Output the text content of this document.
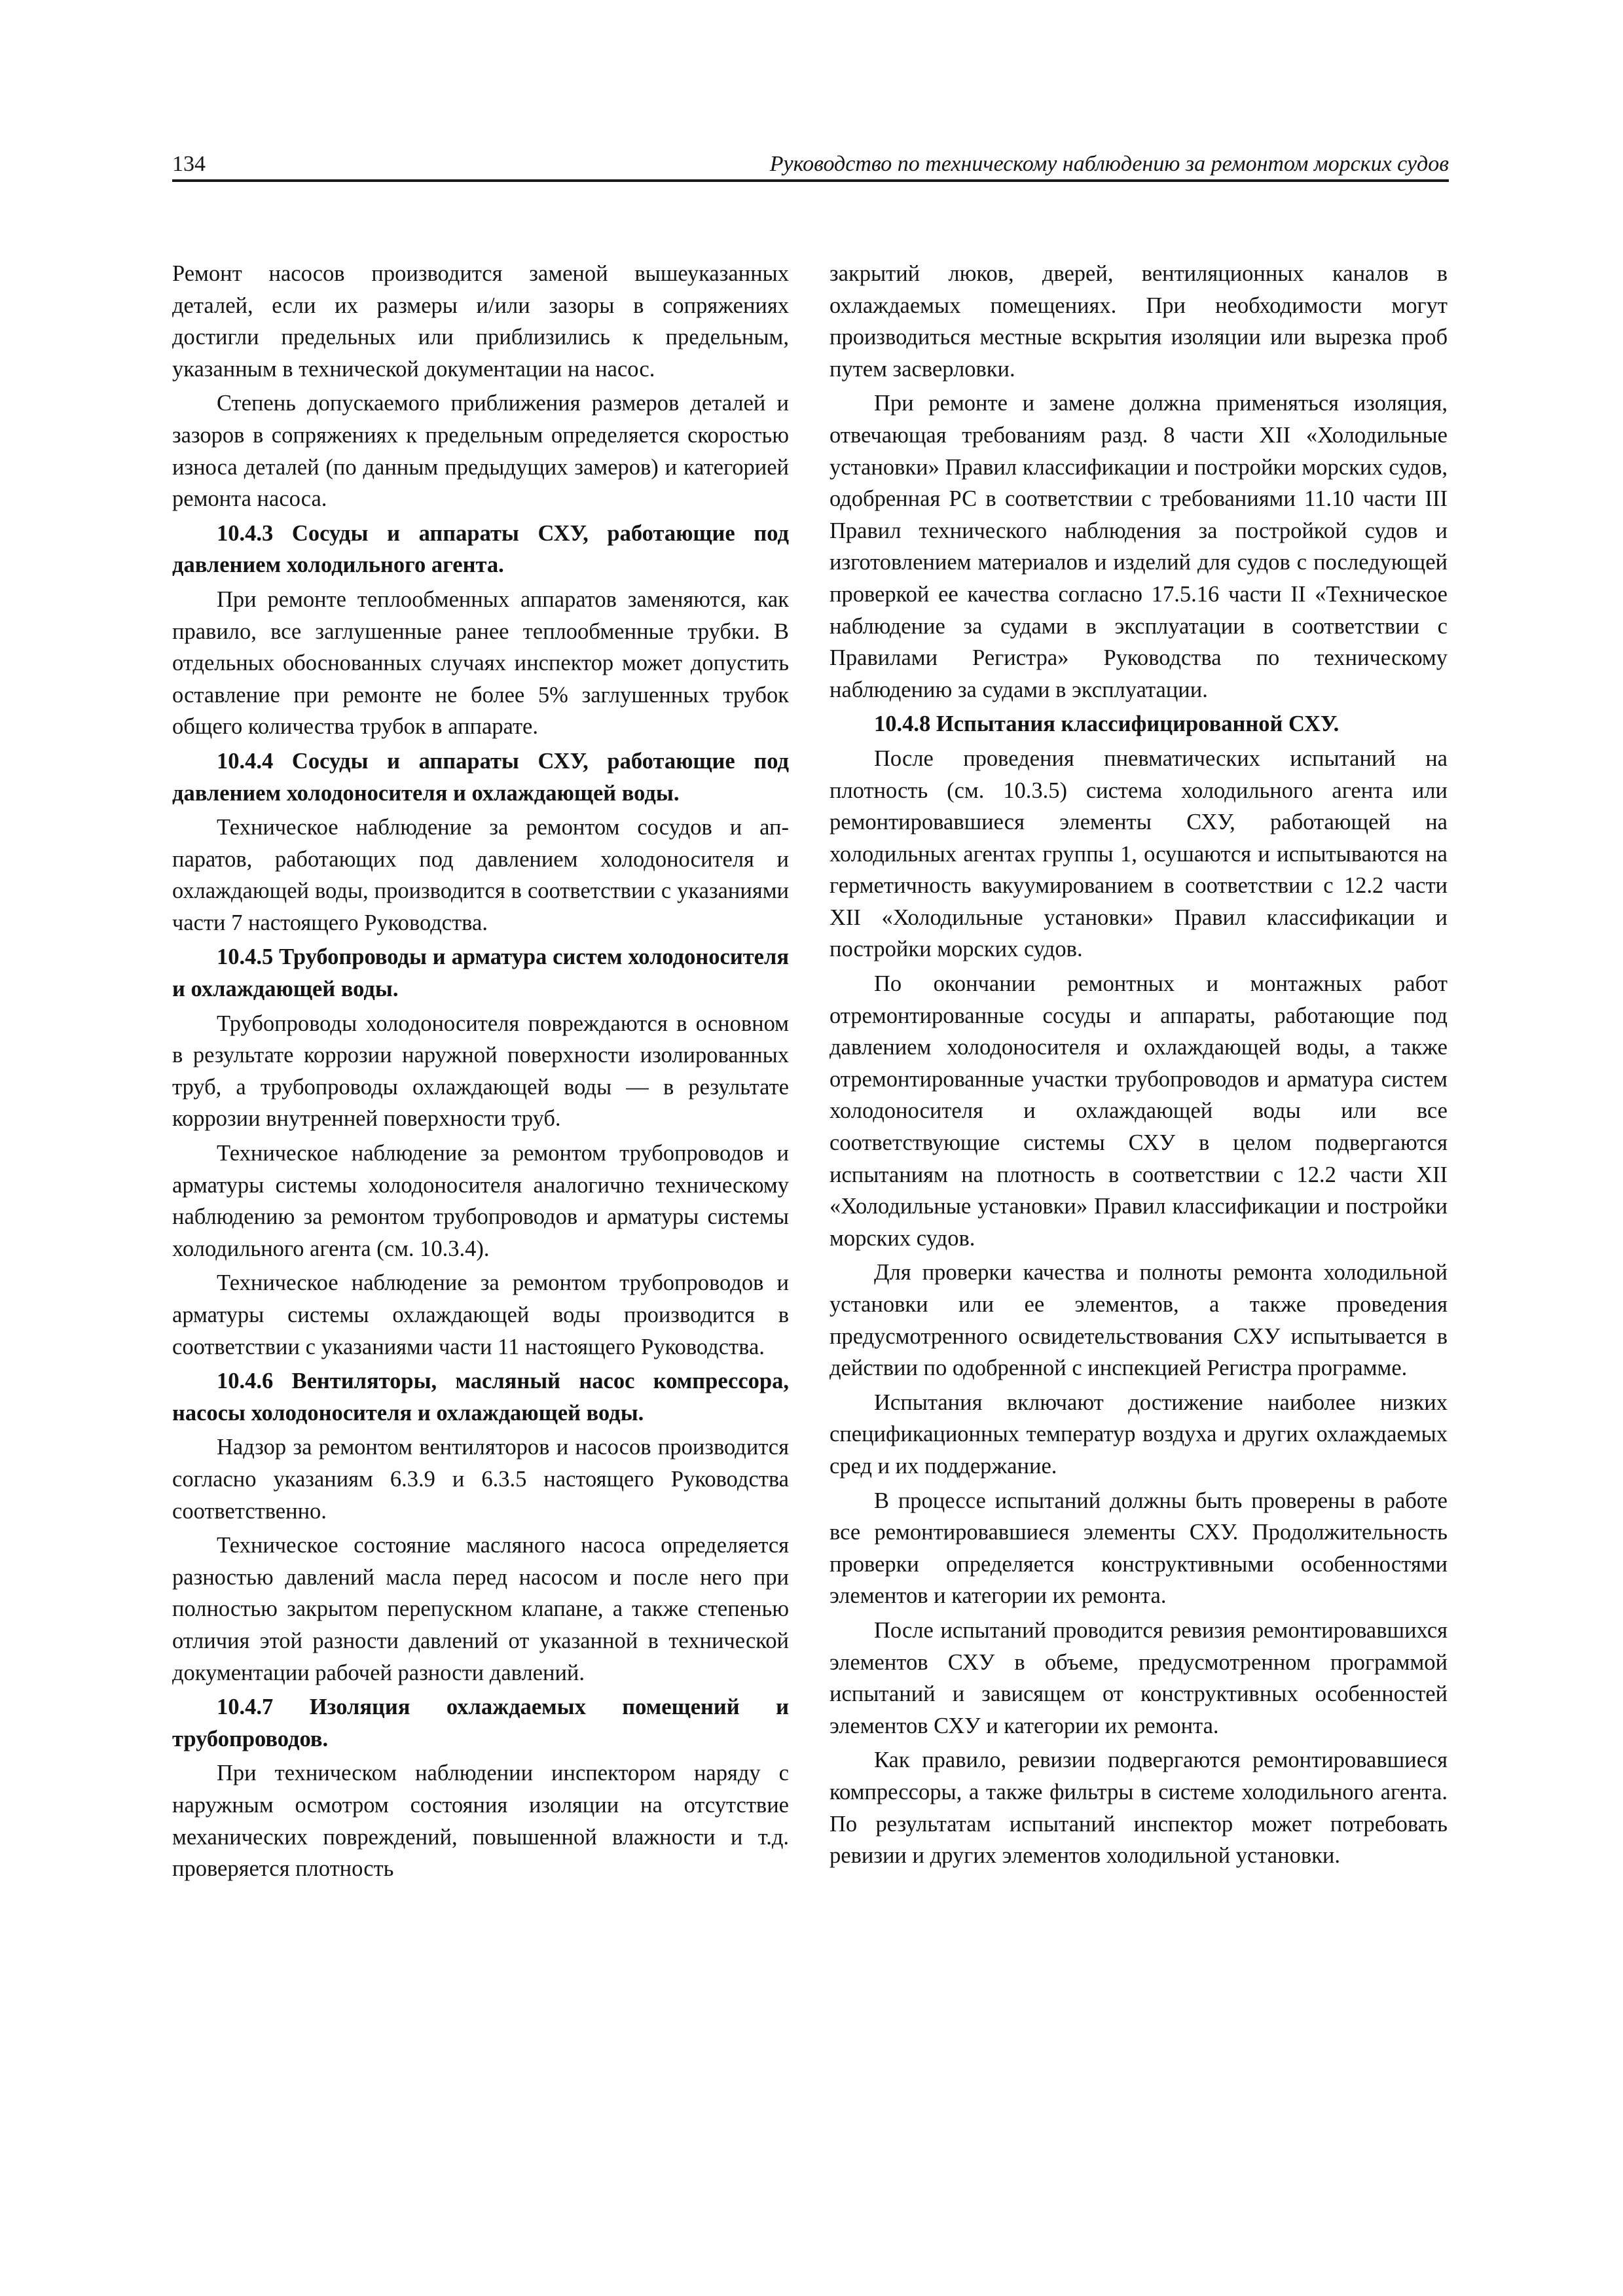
134	Руководство по техническому наблюдению за ремонтом морских судов

Ремонт насосов производится заменой вышеуказанных деталей, если их размеры и/или зазоры в сопряжениях достигли предельных или приблизились к предельным, указанным в технической документации на насос.

Степень допускаемого приближения размеров деталей и зазоров в сопряжениях к предельным определяется скоростью износа деталей (по данным предыдущих замеров) и категорией ремонта насоса.

10.4.3 Сосуды и аппараты СХУ, работающие под давлением холодильного агента.

При ремонте теплообменных аппаратов заменяются, как правило, все заглушенные ранее теплообменные трубки. В отдельных обоснованных случаях инспектор может допустить оставление при ремонте не более 5% заглушенных трубок общего количества трубок в аппарате.

10.4.4 Сосуды и аппараты СХУ, работающие под давлением холодоносителя и охлаждающей воды.

Техническое наблюдение за ремонтом сосудов и аппаратов, работающих под давлением холодоносителя и охлаждающей воды, производится в соответствии с указаниями части 7 настоящего Руководства.

10.4.5 Трубопроводы и арматура систем холодоносителя и охлаждающей воды.

Трубопроводы холодоносителя повреждаются в основном в результате коррозии наружной поверхности изолированных труб, а трубопроводы охлаждающей воды — в результате коррозии внутренней поверхности труб.

Техническое наблюдение за ремонтом трубопроводов и арматуры системы холодоносителя аналогично техническому наблюдению за ремонтом трубопроводов и арматуры системы холодильного агента (см. 10.3.4).

Техническое наблюдение за ремонтом трубопроводов и арматуры системы охлаждающей воды производится в соответствии с указаниями части 11 настоящего Руководства.

10.4.6 Вентиляторы, масляный насос компрессора, насосы холодоносителя и охлаждающей воды.

Надзор за ремонтом вентиляторов и насосов производится согласно указаниям 6.3.9 и 6.3.5 настоящего Руководства соответственно.

Техническое состояние масляного насоса определяется разностью давлений масла перед насосом и после него при полностью закрытом перепускном клапане, а также степенью отличия этой разности давлений от указанной в технической документации рабочей разности давлений.

10.4.7 Изоляция охлаждаемых помещений и трубопроводов.

При техническом наблюдении инспектором наряду с наружным осмотром состояния изоляции на отсутствие механических повреждений, повышенной влажности и т.д. проверяется плотность

закрытий люков, дверей, вентиляционных каналов в охлаждаемых помещениях. При необходимости могут производиться местные вскрытия изоляции или вырезка проб путем засверловки.

При ремонте и замене должна применяться изоляция, отвечающая требованиям разд. 8 части XII «Холодильные установки» Правил классификации и постройки морских судов, одобренная РС в соответствии с требованиями 11.10 части III Правил технического наблюдения за постройкой судов и изготовлением материалов и изделий для судов с последующей проверкой ее качества согласно 17.5.16 части II «Техническое наблюдение за судами в эксплуатации в соответствии с Правилами Регистра» Руководства по техническому наблюдению за судами в эксплуатации.

10.4.8 Испытания классифицированной СХУ.

После проведения пневматических испытаний на плотность (см. 10.3.5) система холодильного агента или ремонтировавшиеся элементы СХУ, работающей на холодильных агентах группы 1, осушаются и испытываются на герметичность вакуумированием в соответствии с 12.2 части XII «Холодильные установки» Правил классификации и постройки морских судов.

По окончании ремонтных и монтажных работ отремонтированные сосуды и аппараты, работающие под давлением холодоносителя и охлаждающей воды, а также отремонтированные участки трубопроводов и арматура систем холодоносителя и охлаждающей воды или все соответствующие системы СХУ в целом подвергаются испытаниям на плотность в соответствии с 12.2 части XII «Холодильные установки» Правил классификации и постройки морских судов.

Для проверки качества и полноты ремонта холодильной установки или ее элементов, а также проведения предусмотренного освидетельствования СХУ испытывается в действии по одобренной с инспекцией Регистра программе.

Испытания включают достижение наиболее низких спецификационных температур воздуха и других охлаждаемых сред и их поддержание.

В процессе испытаний должны быть проверены в работе все ремонтировавшиеся элементы СХУ. Продолжительность проверки определяется конструктивными особенностями элементов и категории их ремонта.

После испытаний проводится ревизия ремонтировавшихся элементов СХУ в объеме, предусмотренном программой испытаний и зависящем от конструктивных особенностей элементов СХУ и категории их ремонта.

Как правило, ревизии подвергаются ремонтировавшиеся компрессоры, а также фильтры в системе холодильного агента. По результатам испытаний инспектор может потребовать ревизии и других элементов холодильной установки.
